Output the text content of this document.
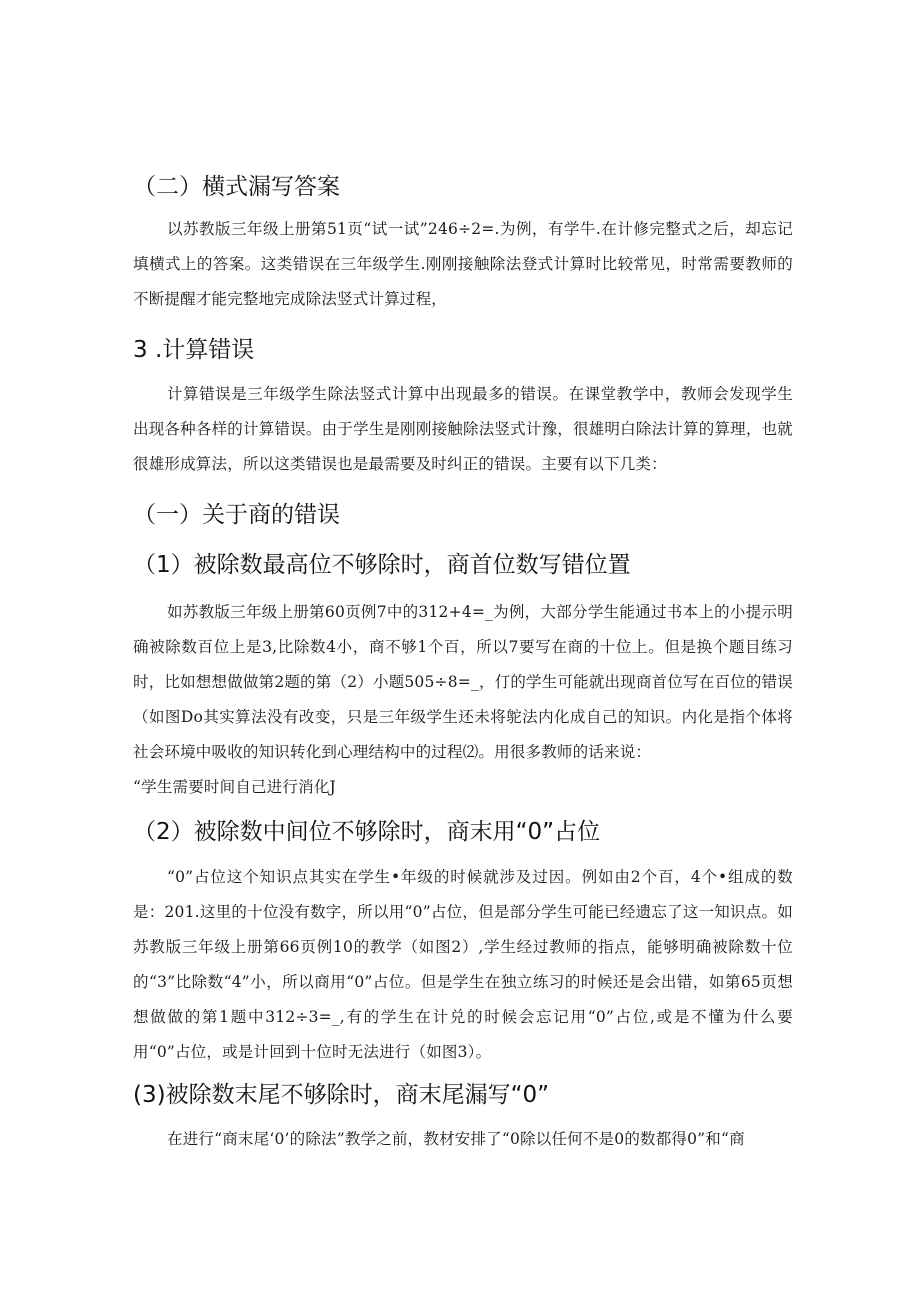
（二）横式漏写答案

以苏教版三年级上册第51页“试一试”246÷2=.为例，有学牛.在计修完整式之后，却忘记填横式上的答案。这类错误在三年级学生.刚刚接触除法登式计算时比较常见，时常需要教师的不断提醒才能完整地完成除法竖式计算过程，

3 .计算错误

计算错误是三年级学生除法竖式计算中出现最多的错误。在课堂教学中，教师会发现学生出现各种各样的计算错误。由于学生是刚刚接触除法竖式计豫，很雄明白除法计算的算理，也就很雄形成算法，所以这类错误也是最需要及时纠正的错误。主要有以下几类：

（一）关于商的错误
（1）被除数最高位不够除时，商首位数写错位置

如苏教版三年级上册第60页例7中的312+4=_为例，大部分学生能通过书本上的小提示明确被除数百位上是3,比除数4小，商不够1个百，所以7要写在商的十位上。但是换个题目练习时，比如想想做做第2题的第（2）小题505÷8=_，仃的学生可能就出现商首位写在百位的错误（如图Do其实算法没有改变，只是三年级学生还未将鸵法内化成自己的知识。内化是指个体将社会环境中吸收的知识转化到心理结构中的过程⑵。用很多教师的话来说：

“学生需要时间自己进行消化J

（2）被除数中间位不够除时，商末用“0”占位

“0”占位这个知识点其实在学生•年级的时候就涉及过因。例如由2个百，4个•组成的数是：201.这里的十位没有数字，所以用“0”占位，但是部分学生可能已经遗忘了这一知识点。如苏教版三年级上册第66页例10的教学（如图2）,学生经过教师的指点，能够明确被除数十位的“3”比除数“4”小，所以商用“0”占位。但是学生在独立练习的时候还是会出错，如第65页想想做做的第1题中312÷3=_,有的学生在计兑的时候会忘记用“0”占位,或是不懂为什么要用“0”占位，或是计回到十位时无法进行（如图3）。

(3)被除数末尾不够除时，商末尾漏写“0”

在进行“商末尾‘0’的除法”教学之前，教材安排了“0除以任何不是0的数都得0”和“商
